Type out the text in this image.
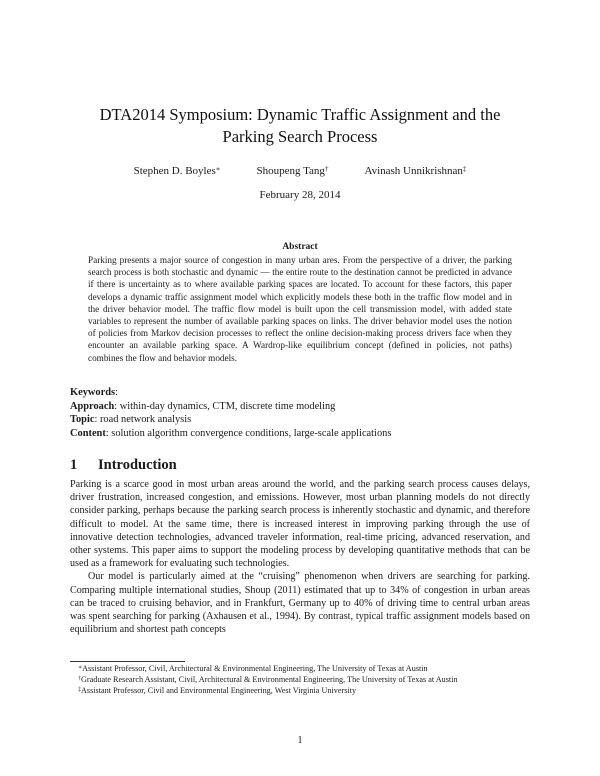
DTA2014 Symposium: Dynamic Traffic Assignment and the
Parking Search Process
Stephen D. Boyles∗	Shoupeng Tang†	Avinash Unnikrishnan‡
February 28, 2014
Abstract
Parking presents a major source of congestion in many urban ares. From the perspective of a driver, the parking search process is both stochastic and dynamic — the entire route to the destination cannot be predicted in advance if there is uncertainty as to where available parking spaces are located. To account for these factors, this paper develops a dynamic traffic assignment model which explicitly models these both in the traffic flow model and in the driver behavior model. The traffic flow model is built upon the cell transmission model, with added state variables to represent the number of available parking spaces on links. The driver behavior model uses the notion of policies from Markov decision processes to reflect the online decision-making process drivers face when they encounter an available parking space. A Wardrop-like equilibrium concept (defined in policies, not paths) combines the flow and behavior models.
Keywords:
Approach: within-day dynamics, CTM, discrete time modeling
Topic: road network analysis
Content: solution algorithm convergence conditions, large-scale applications
1 Introduction

Parking is a scarce good in most urban areas around the world, and the parking search process causes delays, driver frustration, increased congestion, and emissions. However, most urban planning models do not directly consider parking, perhaps because the parking search process is inherently stochastic and dynamic, and therefore difficult to model. At the same time, there is increased interest in improving parking through the use of innovative detection technologies, advanced traveler information, real-time pricing, advanced reservation, and other systems. This paper aims to support the modeling process by developing quantitative methods that can be used as a framework for evaluating such technologies.

Our model is particularly aimed at the “cruising” phenomenon when drivers are searching for parking. Comparing multiple international studies, Shoup (2011) estimated that up to 34% of congestion in urban areas can be traced to cruising behavior, and in Frankfurt, Germany up to 40% of driving time to central urban areas was spent searching for parking (Axhausen et al., 1994). By contrast, typical traffic assignment models based on equilibrium and shortest path concepts

∗Assistant Professor, Civil, Architectural & Environmental Engineering, The University of Texas at Austin

†Graduate Research Assistant, Civil, Architectural & Environmental Engineering, The University of Texas at Austin

‡Assistant Professor, Civil and Environmental Engineering, West Virginia University

1
